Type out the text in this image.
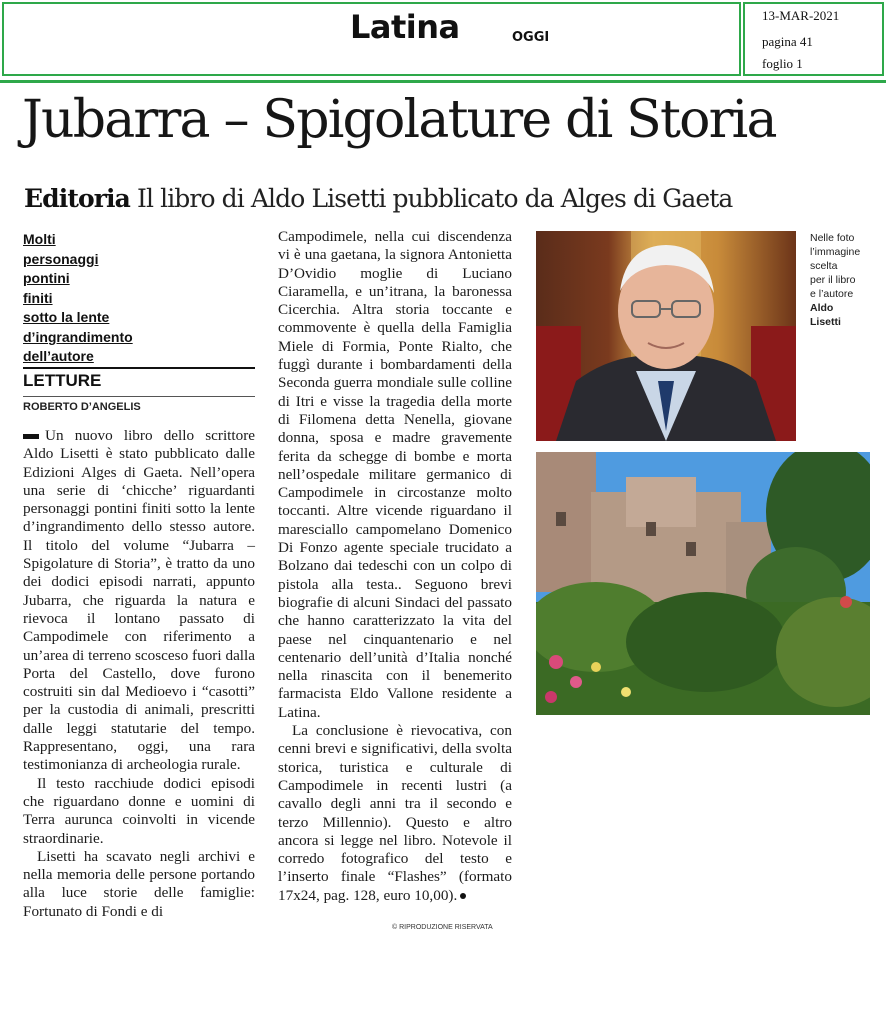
Latina	OGGI
13-MAR-2021
pagina 41
foglio 1
Jubarra – Spigolature di Storia
Editoria Il libro di Aldo Lisetti pubblicato da Alges di Gaeta
Molti
personaggi
pontini
finiti
sotto la lente
d’ingrandimento
dell’autore
LETTURE
ROBERTO D’ANGELIS

Un nuovo libro dello scrittore Aldo Lisetti è stato pubblicato dalle Edizioni Alges di Gaeta. Nell’opera una serie di ‘chicche’ riguardanti personaggi pontini finiti sotto la lente d’ingrandimento dello stesso autore. Il titolo del volume “Jubarra – Spigolature di Storia”, è tratto da uno dei dodici episodi narrati, appunto Jubarra, che riguarda la natura e rievoca il lontano passato di Campodimele con riferimento a un’area di terreno scosceso fuori dalla Porta del Castello, dove furono costruiti sin dal Medioevo i “casotti” per la custodia di animali, prescritti dalle leggi statutarie del tempo. Rappresentano, oggi, una rara testimonianza di archeologia rurale.

Il testo racchiude dodici episodi che riguardano donne e uomini di Terra aurunca coinvolti in vicende straordinarie.

Lisetti ha scavato negli archivi e nella memoria delle persone portando alla luce storie delle famiglie: Fortunato di Fondi e di

Campodimele, nella cui discendenza vi è una gaetana, la signora Antonietta D’Ovidio moglie di Luciano Ciaramella, e un’itrana, la baronessa Cicerchia. Altra storia toccante e commovente è quella della Famiglia Miele di Formia, Ponte Rialto, che fuggì durante i bombardamenti della Seconda guerra mondiale sulle colline di Itri e visse la tragedia della morte di Filomena detta Nenella, giovane donna, sposa e madre gravemente ferita da schegge di bombe e morta nell’ospedale militare germanico di Campodimele in circostanze molto toccanti. Altre vicende riguardano il maresciallo campomelano Domenico Di Fonzo agente speciale trucidato a Bolzano dai tedeschi con un colpo di pistola alla testa.. Seguono brevi biografie di alcuni Sindaci del passato che hanno caratterizzato la vita del paese nel cinquantenario e nel centenario dell’unità d’Italia nonché nella rinascita con il benemerito farmacista Eldo Vallone residente a Latina.

La conclusione è rievocativa, con cenni brevi e significativi, della svolta storica, turistica e culturale di Campodimele in recenti lustri (a cavallo degli anni tra il secondo e terzo Millennio). Questo e altro ancora si legge nel libro. Notevole il corredo fotografico del testo e l’inserto finale “Flashes” (formato 17x24, pag. 128, euro 10,00).

© RIPRODUZIONE RISERVATA
Nelle foto
l’immagine
scelta
per il libro
e l’autore
Aldo
Lisetti
